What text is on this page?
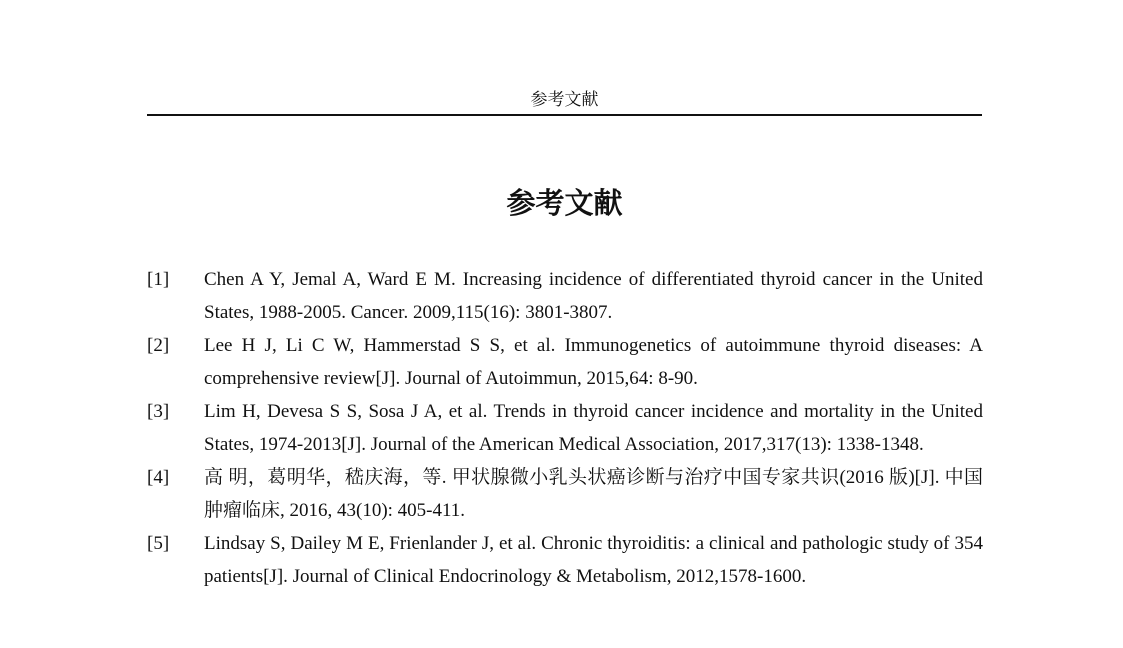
参考文献
参考文献
[1] Chen A Y, Jemal A, Ward E M. Increasing incidence of differentiated thyroid cancer in the United States, 1988-2005. Cancer. 2009,115(16): 3801-3807.
[2] Lee H J, Li C W, Hammerstad S S, et al. Immunogenetics of autoimmune thyroid diseases: A comprehensive review[J]. Journal of Autoimmun, 2015,64: 8-90.
[3] Lim H, Devesa S S, Sosa J A, et al. Trends in thyroid cancer incidence and mortality in the United States, 1974-2013[J]. Journal of the American Medical Association, 2017,317(13): 1338-1348.
[4] 高 明，葛明华，嵇庆海，等. 甲状腺微小乳头状癌诊断与治疗中国专家共识(2016 版)[J]. 中国肿瘤临床, 2016, 43(10): 405-411.
[5] Lindsay S, Dailey M E, Frienlander J, et al. Chronic thyroiditis: a clinical and pathologic study of 354 patients[J]. Journal of Clinical Endocrinology & Metabolism, 2012,1578-1600.
